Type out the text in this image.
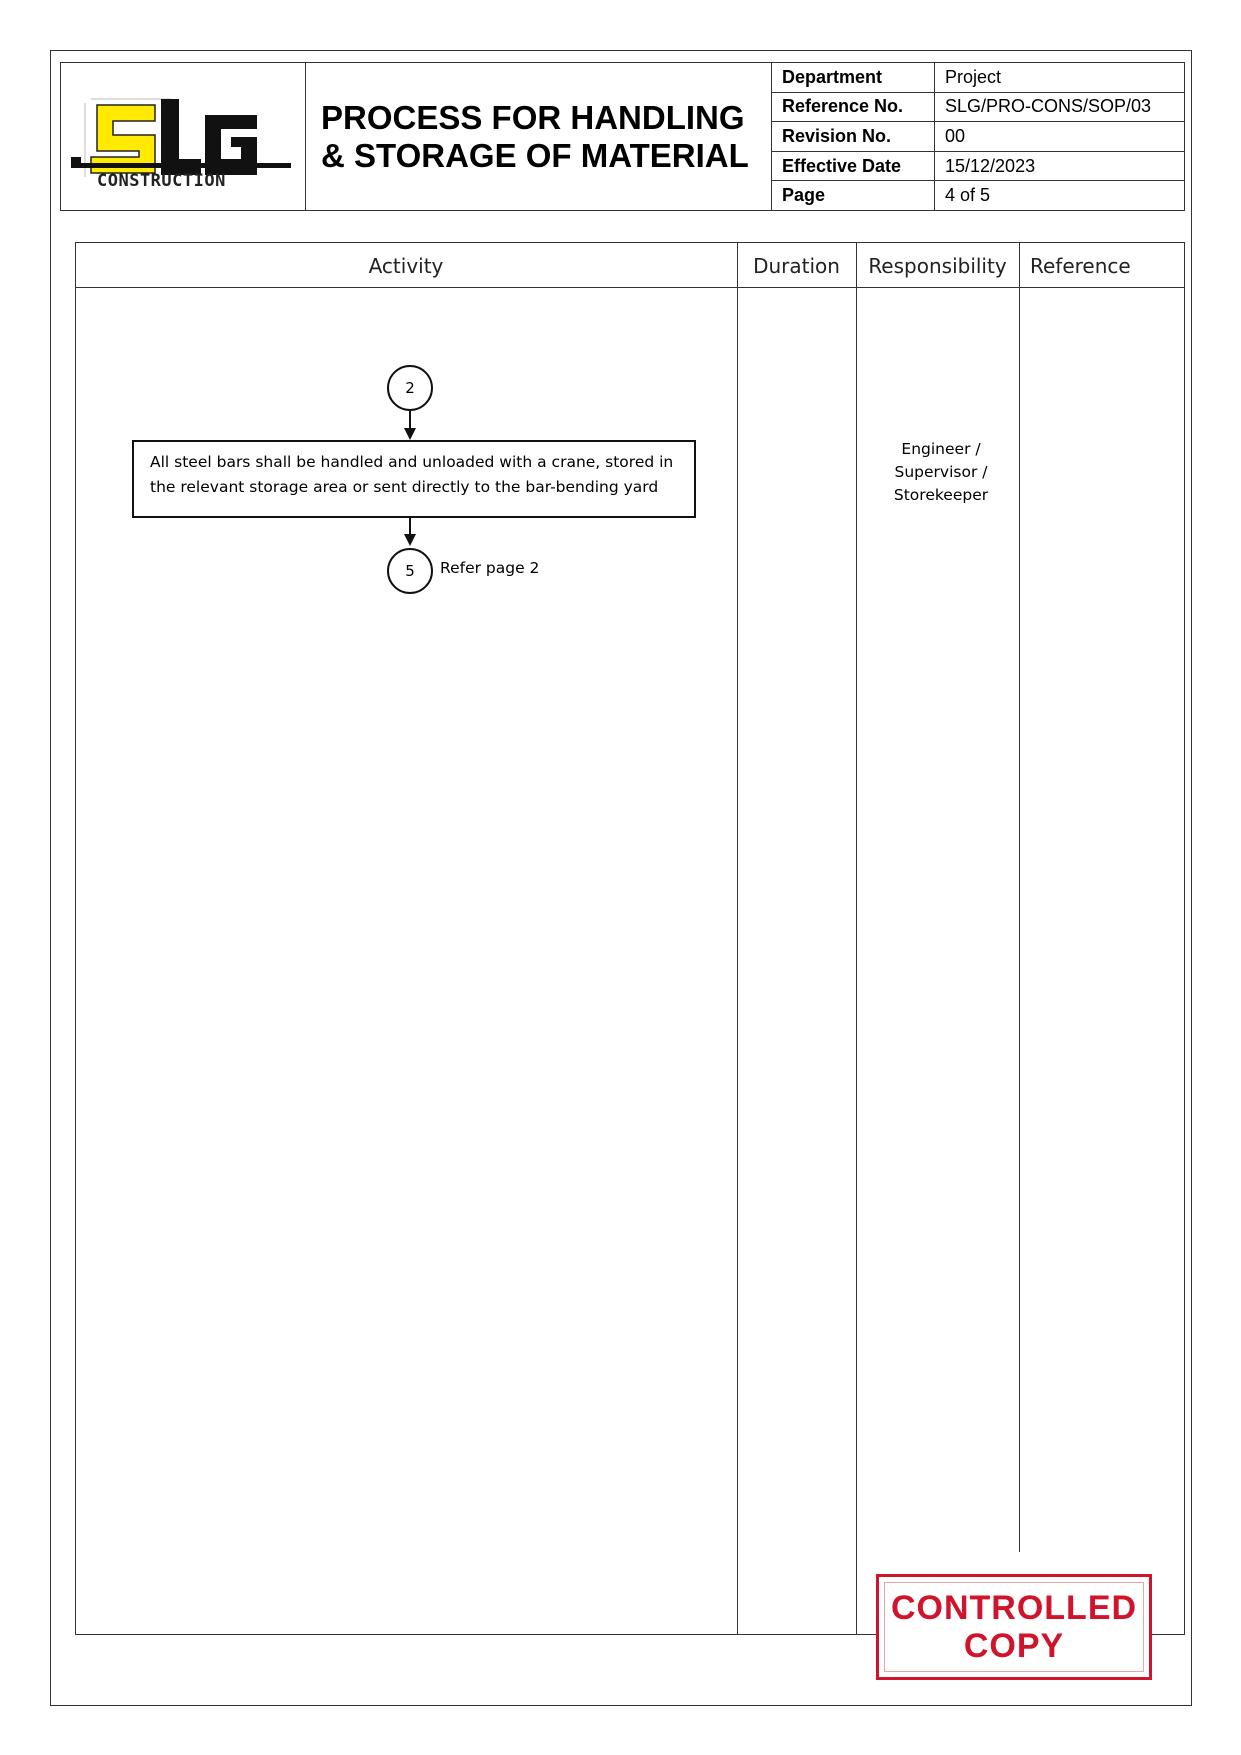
CONSTRUCTION
PROCESS FOR HANDLING
& STORAGE OF MATERIAL
Department	Project
Reference No.	SLG/PRO-CONS/SOP/03
Revision No.	00
Effective Date	15/12/2023
Page	4 of 5
Activity	Duration	Responsibility	Reference
2
All steel bars shall be handled and unloaded with a crane, stored in the relevant storage area or sent directly to the bar-bending yard
5	Refer page 2
Engineer /
Supervisor /
Storekeeper
CONTROLLED
COPY
